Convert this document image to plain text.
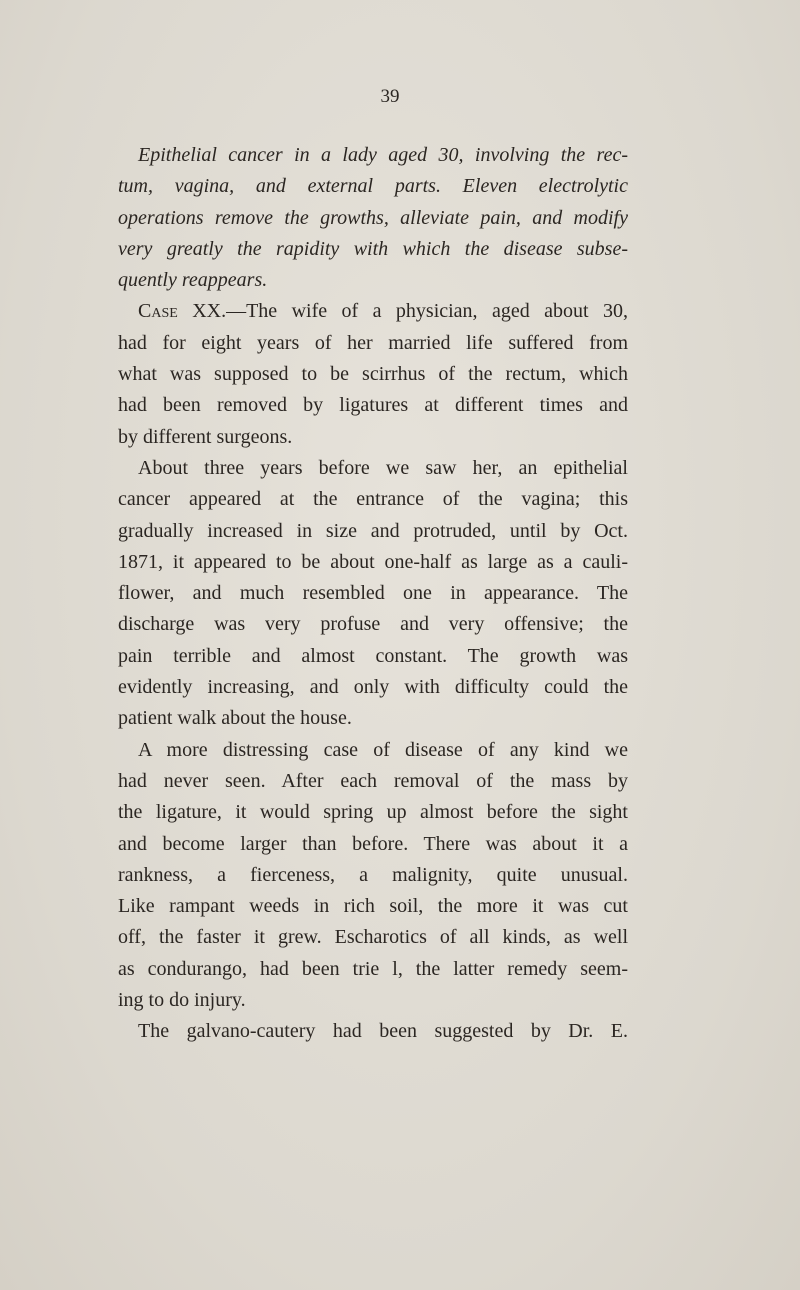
39
Epithelial cancer in a lady aged 30, involving the rec-
tum, vagina, and external parts. Eleven electrolytic
operations remove the growths, alleviate pain, and modify
very greatly the rapidity with which the disease subse-
quently reappears.
Case XX.—The wife of a physician, aged about 30,
had for eight years of her married life suffered from
what was supposed to be scirrhus of the rectum, which
had been removed by ligatures at different times and
by different surgeons.
About three years before we saw her, an epithelial
cancer appeared at the entrance of the vagina; this
gradually increased in size and protruded, until by Oct.
1871, it appeared to be about one-half as large as a cauli-
flower, and much resembled one in appearance. The
discharge was very profuse and very offensive; the
pain terrible and almost constant. The growth was
evidently increasing, and only with difficulty could the
patient walk about the house.
A more distressing case of disease of any kind we
had never seen. After each removal of the mass by
the ligature, it would spring up almost before the sight
and become larger than before. There was about it a
rankness, a fierceness, a malignity, quite unusual.
Like rampant weeds in rich soil, the more it was cut
off, the faster it grew. Escharotics of all kinds, as well
as condurango, had been trie l, the latter remedy seem-
ing to do injury.
The galvano-cautery had been suggested by Dr. E.
